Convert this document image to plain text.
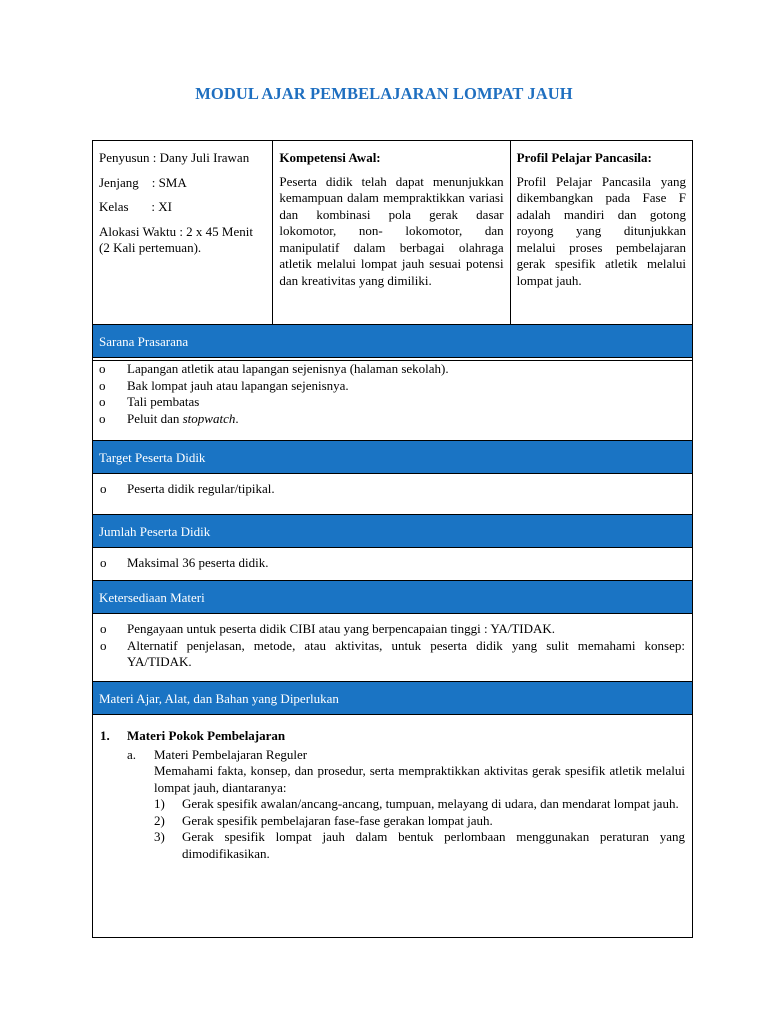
MODUL AJAR PEMBELAJARAN LOMPAT JAUH

Penyusun : Dany Juli Irawan

Jenjang    : SMA

Kelas       : XI

Alokasi Waktu : 2 x 45 Menit (2 Kali pertemuan).

Kompetensi Awal:

Peserta didik telah dapat menunjukkan kemampuan dalam mempraktikkan variasi dan kombinasi pola gerak dasar lokomotor, non- lokomotor, dan manipulatif dalam berbagai olahraga atletik melalui lompat jauh sesuai potensi dan kreativitas yang dimiliki.

Profil Pelajar Pancasila:

Profil Pelajar Pancasila yang dikembangkan pada Fase F adalah mandiri dan gotong royong yang ditunjukkan melalui proses pembelajaran gerak spesifik atletik melalui lompat jauh.

Sarana Prasarana
o Lapangan atletik atau lapangan sejenisnya (halaman sekolah).
o Bak lompat jauh atau lapangan sejenisnya.
o Tali pembatas
o Peluit dan stopwatch.
Target Peserta Didik
o Peserta didik regular/tipikal.
Jumlah Peserta Didik
o Maksimal 36 peserta didik.
Ketersediaan Materi
o Pengayaan untuk peserta didik CIBI atau yang berpencapaian tinggi : YA/TIDAK.
o Alternatif penjelasan, metode, atau aktivitas, untuk peserta didik yang sulit memahami konsep: YA/TIDAK.
Materi Ajar, Alat, dan Bahan yang Diperlukan
1. Materi Pokok Pembelajaran
a. Materi Pembelajaran Reguler
Memahami fakta, konsep, dan prosedur, serta mempraktikkan aktivitas gerak spesifik atletik melalui lompat jauh, diantaranya:
1) Gerak spesifik awalan/ancang-ancang, tumpuan, melayang di udara, dan mendarat lompat jauh.
2) Gerak spesifik pembelajaran fase-fase gerakan lompat jauh.
3) Gerak spesifik lompat jauh dalam bentuk perlombaan menggunakan peraturan yang dimodifikasikan.
